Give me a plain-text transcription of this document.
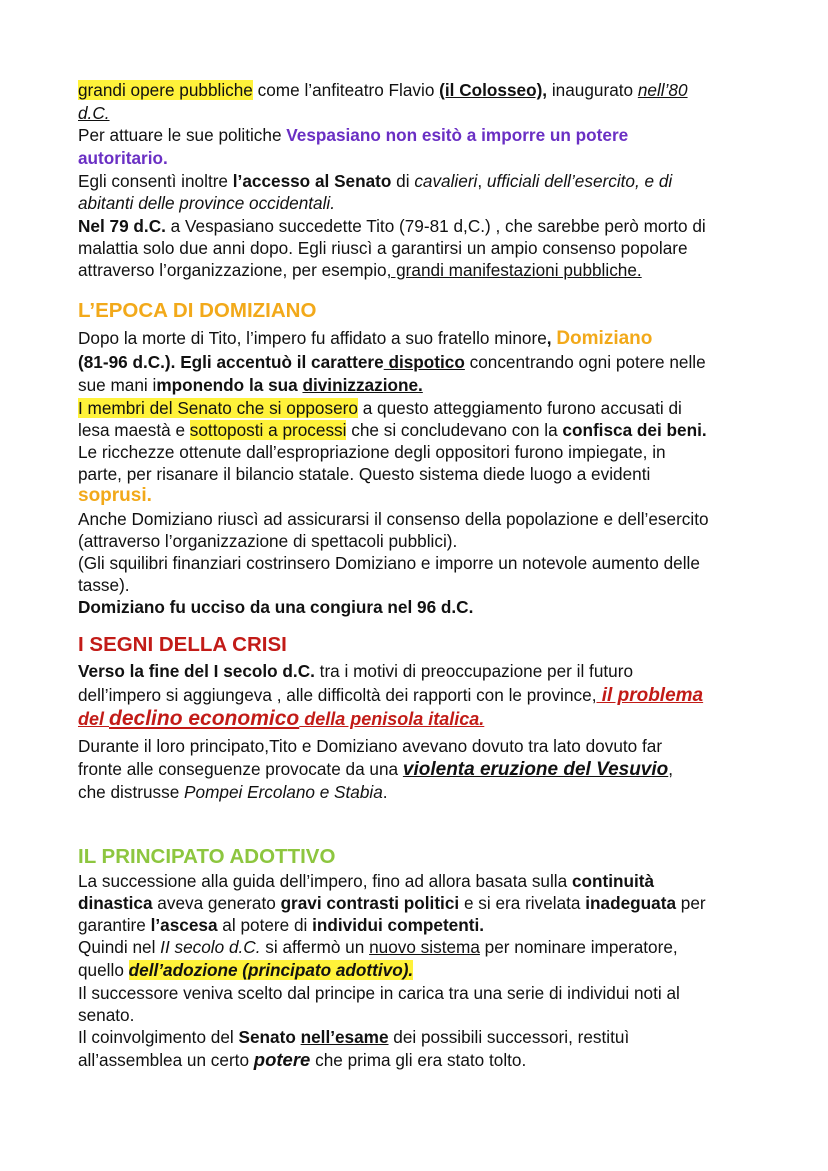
grandi opere pubbliche come l’anfiteatro Flavio (il Colosseo), inaugurato nell’80

d.C.

Per attuare le sue politiche Vespasiano non esitò a imporre un potere

autoritario.

Egli consentì inoltre l’accesso al Senato di cavalieri, ufficiali dell’esercito, e di

abitanti delle province occidentali.

Nel 79 d.C. a Vespasiano succedette Tito (79-81 d,C.) , che sarebbe però morto di

malattia solo due anni dopo. Egli riuscì a garantirsi un ampio consenso popolare

attraverso l’organizzazione, per esempio, grandi manifestazioni pubbliche.

L’EPOCA DI DOMIZIANO

Dopo la morte di Tito, l’impero fu affidato a suo fratello minore, Domiziano

(81-96 d.C.). Egli accentuò il carattere dispotico concentrando ogni potere nelle

sue mani imponendo la sua divinizzazione.

I membri del Senato che si opposero a questo atteggiamento furono accusati di

lesa maestà e sottoposti a processi che si concludevano con la confisca dei beni.

Le ricchezze ottenute dall’espropriazione degli oppositori furono impiegate, in

parte, per risanare il bilancio statale. Questo sistema diede luogo a evidenti

soprusi.

Anche Domiziano riuscì ad assicurarsi il consenso della popolazione e dell’esercito

(attraverso l’organizzazione di spettacoli pubblici).

(Gli squilibri finanziari costrinsero Domiziano e imporre un notevole aumento delle

tasse).

Domiziano fu ucciso da una congiura nel 96 d.C.

I SEGNI DELLA CRISI

Verso la fine del I secolo d.C. tra i motivi di preoccupazione per il futuro

dell’impero si aggiungeva , alle difficoltà dei rapporti con le province, il problema

del declino economico della penisola italica.

Durante il loro principato,Tito e Domiziano avevano dovuto tra lato dovuto far

fronte alle conseguenze provocate da una violenta eruzione del Vesuvio,

che distrusse Pompei Ercolano e Stabia.

IL PRINCIPATO ADOTTIVO

La successione alla guida dell’impero, fino ad allora basata sulla continuità

dinastica aveva generato gravi contrasti politici e si era rivelata inadeguata per

garantire l’ascesa al potere di individui competenti.

Quindi nel II secolo d.C. si affermò un nuovo sistema per nominare imperatore,

quello dell’adozione (principato adottivo).

Il successore veniva scelto dal principe in carica tra una serie di individui noti al

senato.

Il coinvolgimento del Senato nell’esame dei possibili successori, restituì

all’assemblea un certo potere che prima gli era stato tolto.
